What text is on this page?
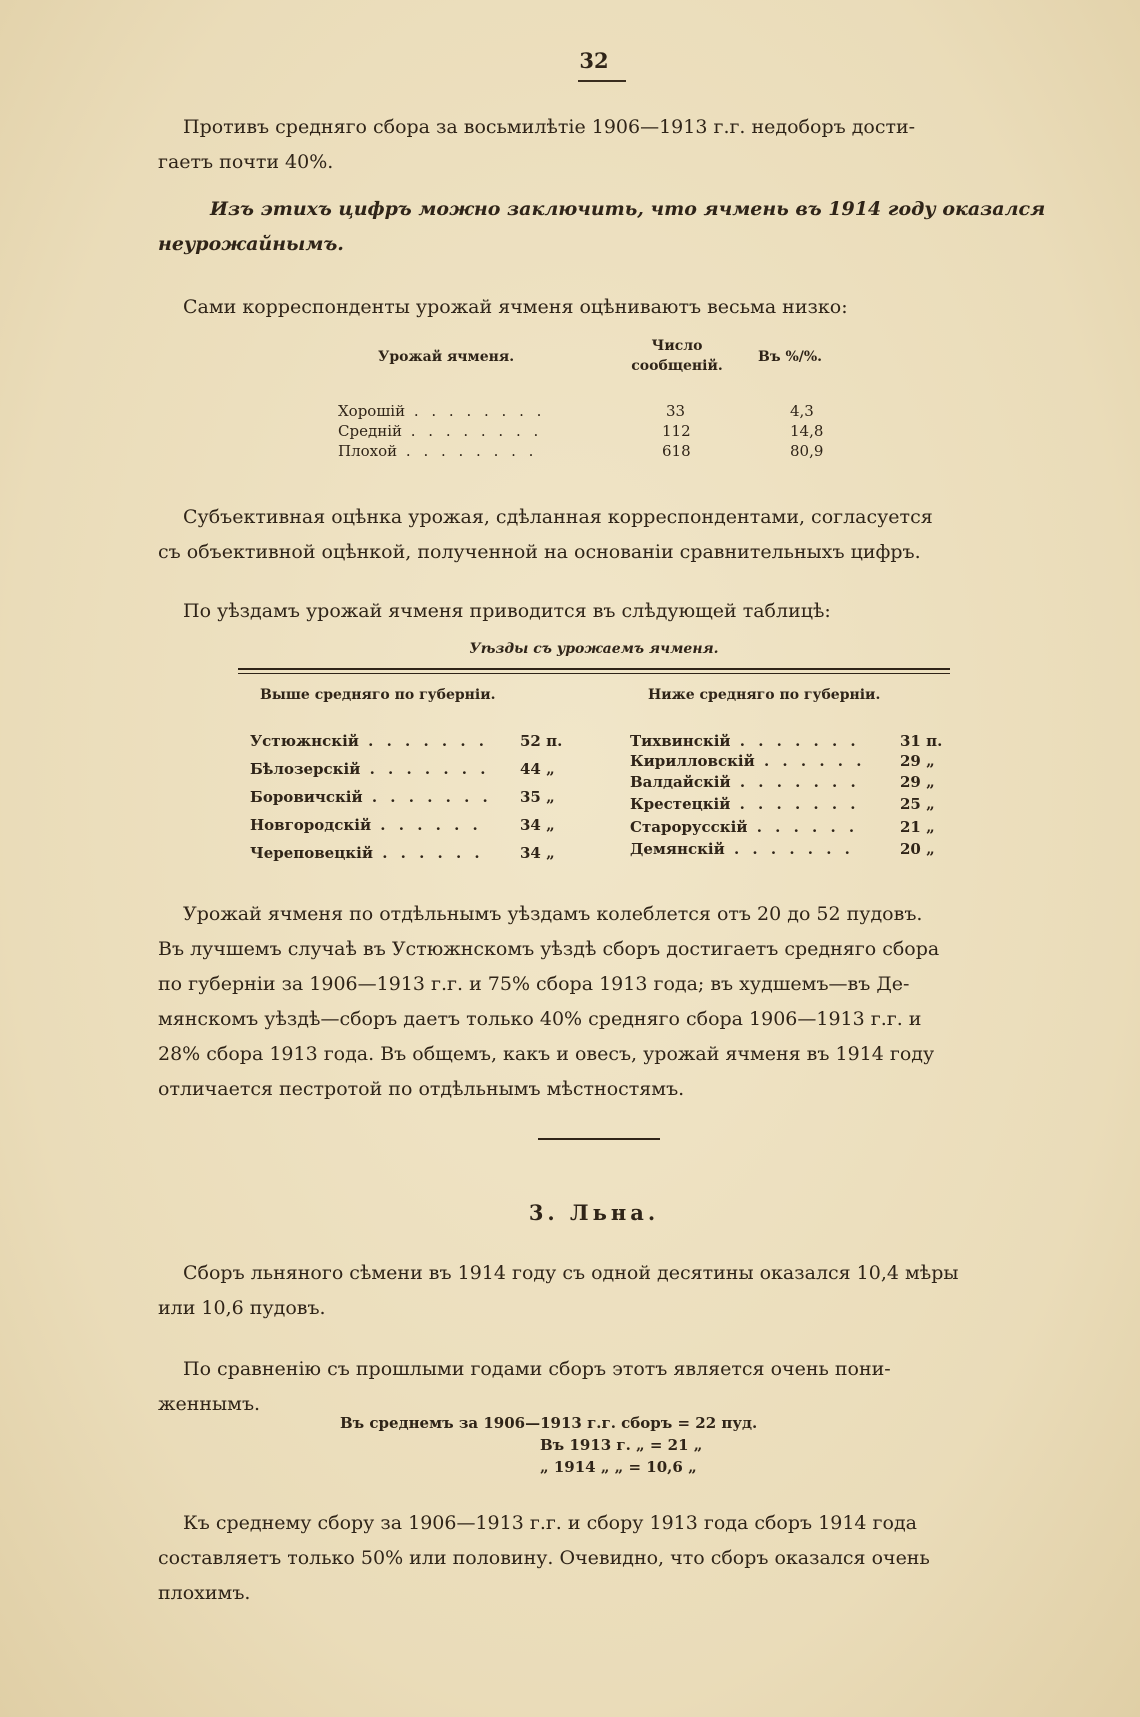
32
Противъ средняго сбора за восьмилѣтіе 1906—1913 г.г. недоборъ дости-
гаетъ почти 40%.
Изъ этихъ цифръ можно заключить, что ячмень въ 1914 году оказался
неурожайнымъ.
Сами корреспонденты урожай ячменя оцѣниваютъ весьма низко:
Урожай ячменя.
Число
сообщеній.
Въ %/%.
Хорошій . . . . . . . .	33	4,3
Средній . . . . . . . .	112	14,8
Плохой . . . . . . . .	618	80,9
Субъективная оцѣнка урожая, сдѣланная корреспондентами, согласуется
съ объективной оцѣнкой, полученной на основаніи сравнительныхъ цифръ.
По уѣздамъ урожай ячменя приводится въ слѣдующей таблицѣ:
Уѣзды съ урожаемъ ячменя.
Выше средняго по губерніи.	Ниже средняго по губерніи.
Устюжнскій . . . . . . . 52 п.
Бѣлозерскій . . . . . . . 44 „
Боровичскій . . . . . . . 35 „
Новгородскій . . . . . .	34 „
Череповецкій . . . . . . 34 „
Тихвинскій . . . . . . .	31 п.
Кирилловскій . . . . . . 29 „
Валдайскій . . . . . . .	29 „
Крестецкій . . . . . . .	25 „
Старорусскій . . . . . .	21 „
Демянскій . . . . . . .	20 „
Урожай ячменя по отдѣльнымъ уѣздамъ колеблется отъ 20 до 52 пудовъ.
Въ лучшемъ случаѣ въ Устюжнскомъ уѣздѣ сборъ достигаетъ средняго сбора
по губерніи за 1906—1913 г.г. и 75% сбора 1913 года; въ худшемъ—въ Де-
мянскомъ уѣздѣ—сборъ даетъ только 40% средняго сбора 1906—1913 г.г. и
28% сбора 1913 года. Въ общемъ, какъ и овесъ, урожай ячменя въ 1914 году
отличается пестротой по отдѣльнымъ мѣстностямъ.
3. Льна.
Сборъ льняного сѣмени въ 1914 году съ одной десятины оказался 10,4 мѣры
или 10,6 пудовъ.
По сравненію съ прошлыми годами сборъ этотъ является очень пони-
женнымъ.
Въ среднемъ за 1906—1913 г.г. сборъ = 22 пуд.
Въ 1913 г. „ = 21 „
„ 1914 „ „ = 10,6 „
Къ среднему сбору за 1906—1913 г.г. и сбору 1913 года сборъ 1914 года
составляетъ только 50% или половину. Очевидно, что сборъ оказался очень
плохимъ.
